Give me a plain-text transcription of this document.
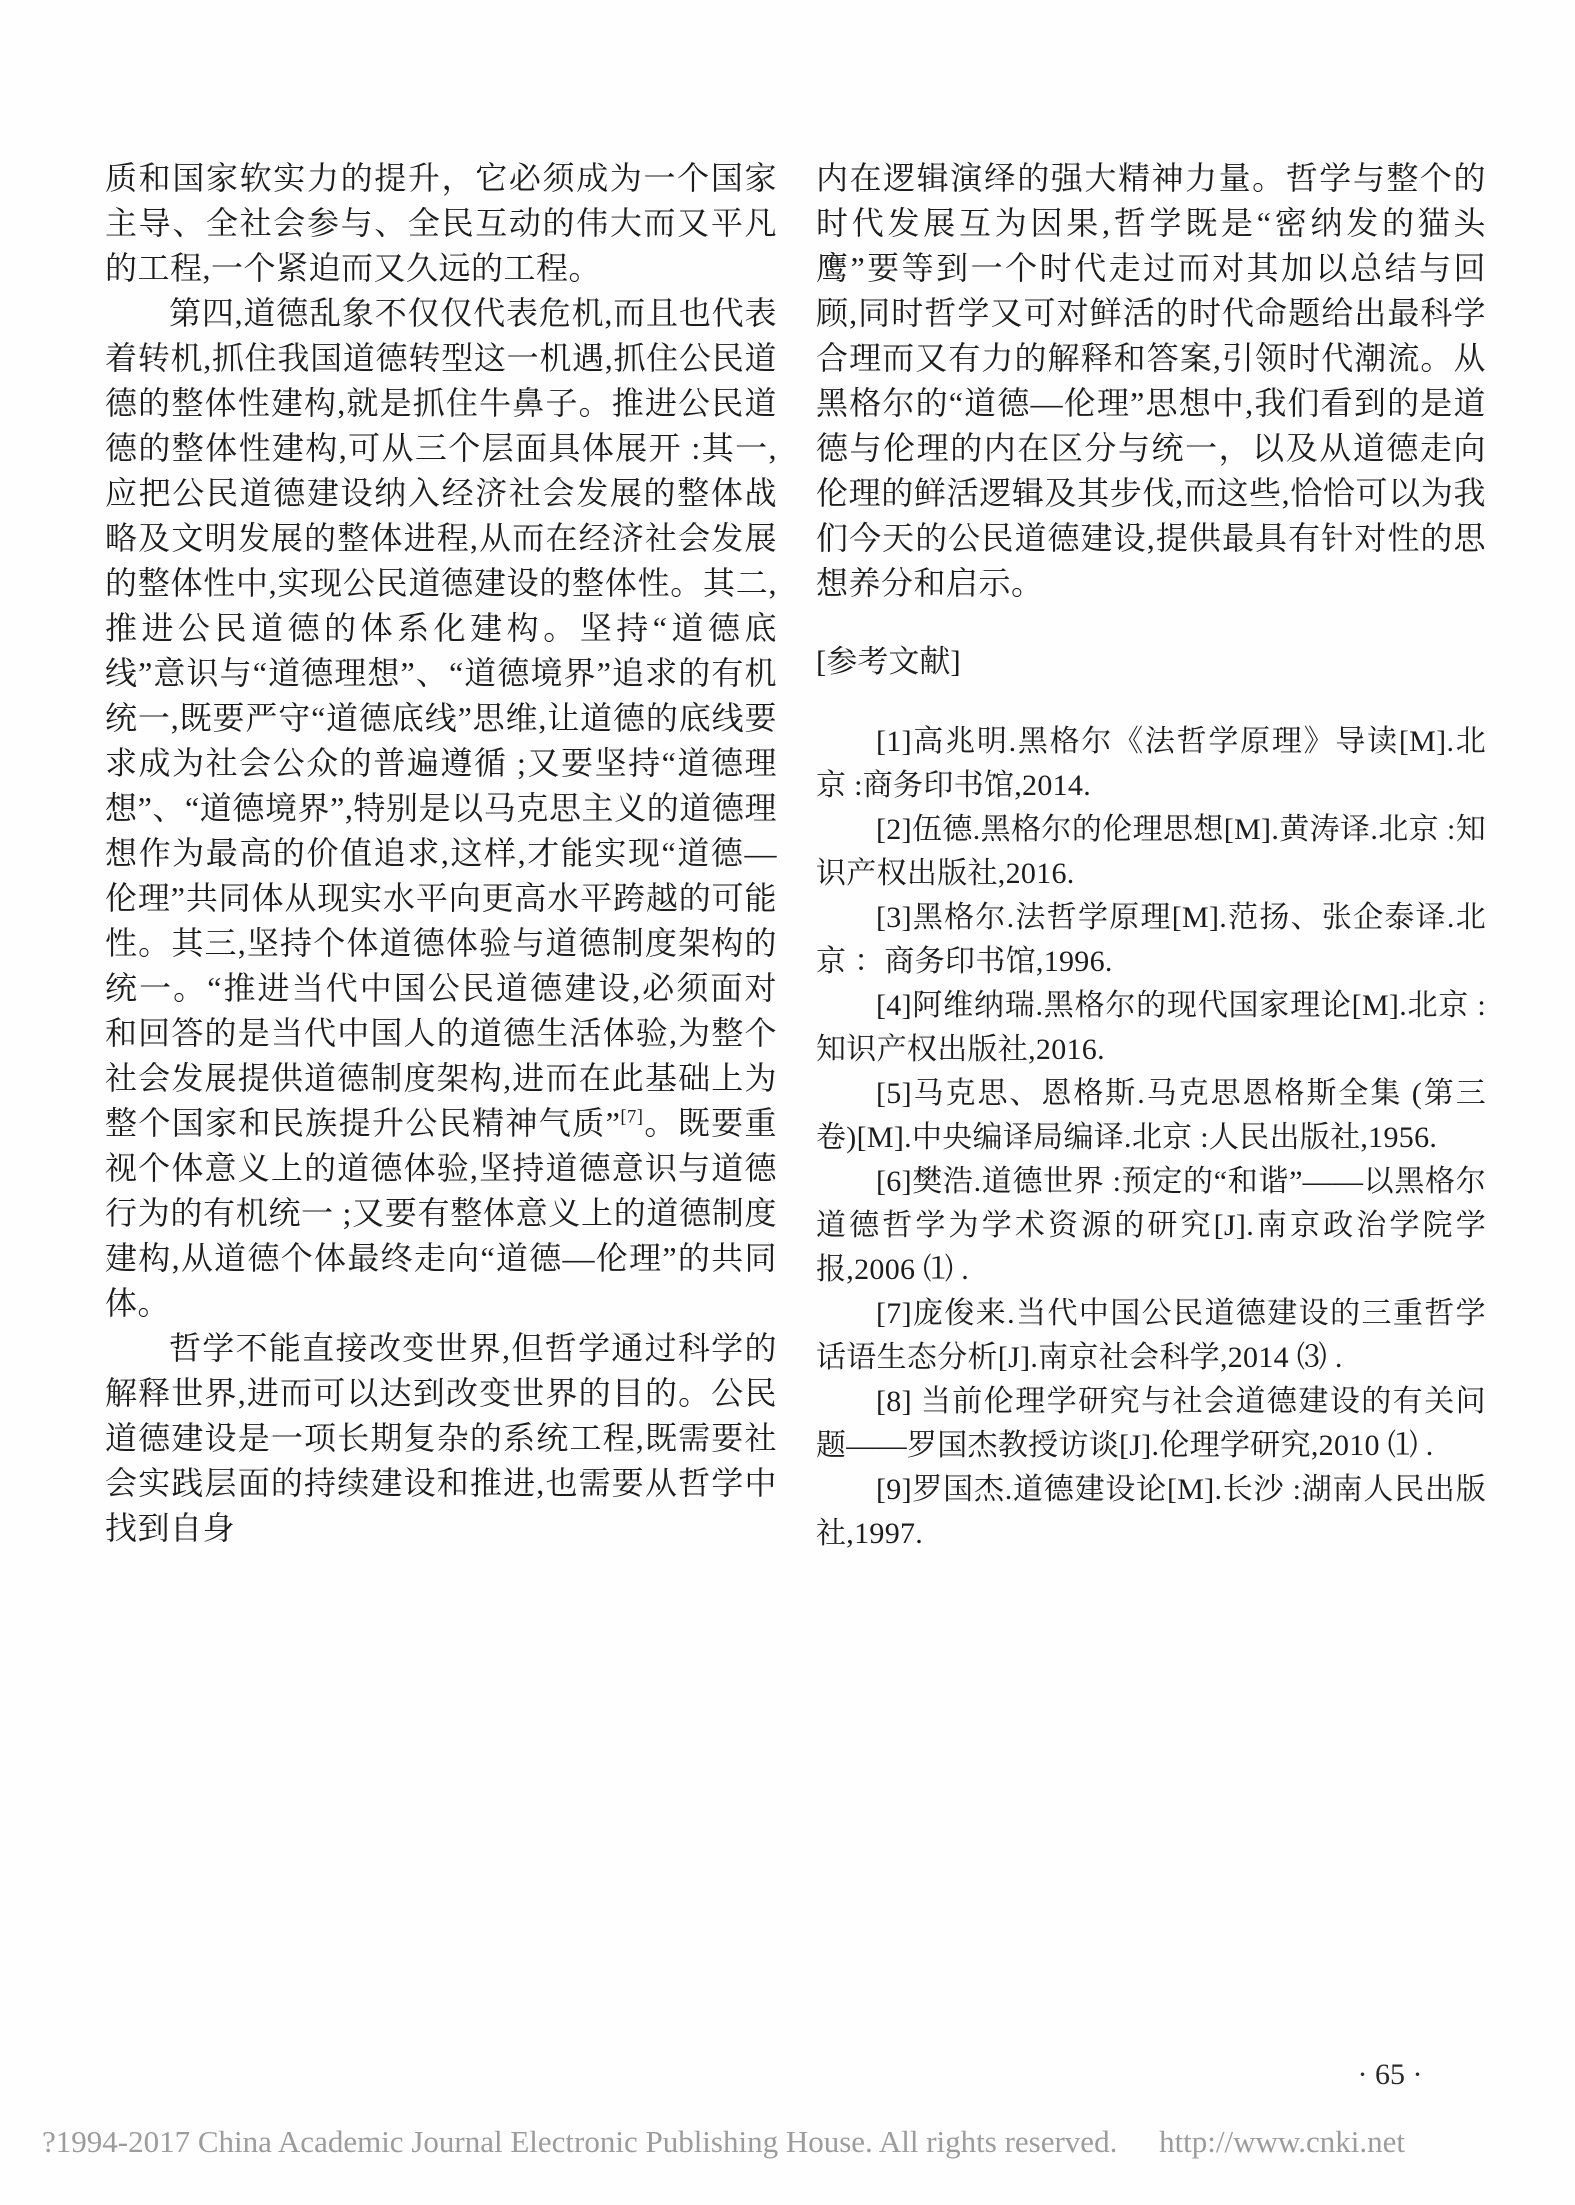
质和国家软实力的提升，它必须成为一个国家主导、全社会参与、全民互动的伟大而又平凡的工程,一个紧迫而又久远的工程。

第四,道德乱象不仅仅代表危机,而且也代表着转机,抓住我国道德转型这一机遇,抓住公民道德的整体性建构,就是抓住牛鼻子。推进公民道德的整体性建构,可从三个层面具体展开 :其一,应把公民道德建设纳入经济社会发展的整体战略及文明发展的整体进程,从而在经济社会发展的整体性中,实现公民道德建设的整体性。其二,推进公民道德的体系化建构。坚持“道德底线”意识与“道德理想”、“道德境界”追求的有机统一,既要严守“道德底线”思维,让道德的底线要求成为社会公众的普遍遵循 ;又要坚持“道德理想”、“道德境界”,特别是以马克思主义的道德理想作为最高的价值追求,这样,才能实现“道德—伦理”共同体从现实水平向更高水平跨越的可能性。其三,坚持个体道德体验与道德制度架构的统一。“推进当代中国公民道德建设,必须面对和回答的是当代中国人的道德生活体验,为整个社会发展提供道德制度架构,进而在此基础上为整个国家和民族提升公民精神气质”[7]。既要重视个体意义上的道德体验,坚持道德意识与道德行为的有机统一 ;又要有整体意义上的道德制度建构,从道德个体最终走向“道德—伦理”的共同体。

哲学不能直接改变世界,但哲学通过科学的解释世界,进而可以达到改变世界的目的。公民道德建设是一项长期复杂的系统工程,既需要社会实践层面的持续建设和推进,也需要从哲学中找到自身

内在逻辑演绎的强大精神力量。哲学与整个的时代发展互为因果,哲学既是“密纳发的猫头鹰”要等到一个时代走过而对其加以总结与回顾,同时哲学又可对鲜活的时代命题给出最科学合理而又有力的解释和答案,引领时代潮流。从黑格尔的“道德—伦理”思想中,我们看到的是道德与伦理的内在区分与统一，以及从道德走向伦理的鲜活逻辑及其步伐,而这些,恰恰可以为我们今天的公民道德建设,提供最具有针对性的思想养分和启示。

[参考文献]

[1]高兆明.黑格尔《法哲学原理》导读[M].北京 :商务印书馆,2014.

[2]伍德.黑格尔的伦理思想[M].黄涛译.北京 :知识产权出版社,2016.

[3]黑格尔.法哲学原理[M].范扬、张企泰译.北京 ：商务印书馆,1996.

[4]阿维纳瑞.黑格尔的现代国家理论[M].北京 :知识产权出版社,2016.

[5]马克思、恩格斯.马克思恩格斯全集 (第三卷)[M].中央编译局编译.北京 :人民出版社,1956.

[6]樊浩.道德世界 :预定的“和谐”——以黑格尔道德哲学为学术资源的研究[J].南京政治学院学报,2006 ⑴ .

[7]庞俊来.当代中国公民道德建设的三重哲学话语生态分析[J].南京社会科学,2014 ⑶ .

[8] 当前伦理学研究与社会道德建设的有关问题——罗国杰教授访谈[J].伦理学研究,2010 ⑴ .

[9]罗国杰.道德建设论[M].长沙 :湖南人民出版社,1997.

· 65 ·
?1994-2017 China Academic Journal Electronic Publishing House. All rights reserved. http://www.cnki.net
